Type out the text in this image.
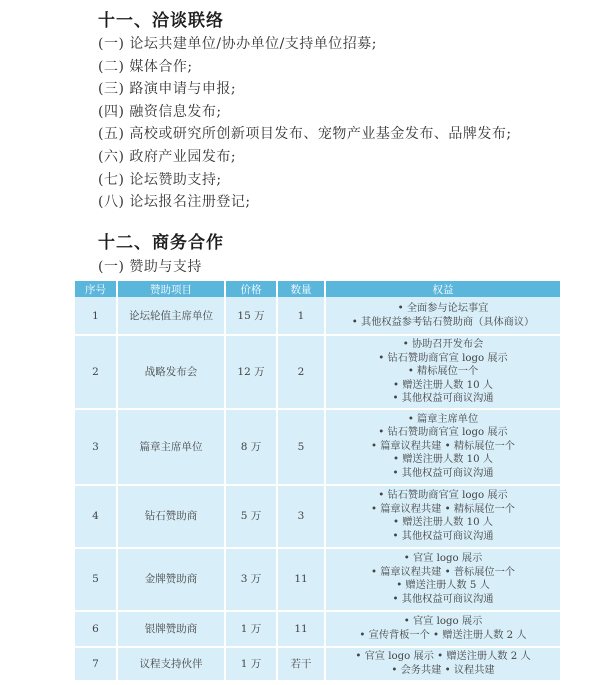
十一、洽谈联络
(一) 论坛共建单位/协办单位/支持单位招募;
(二) 媒体合作;
(三) 路演申请与申报;
(四) 融资信息发布;
(五) 高校或研究所创新项目发布、宠物产业基金发布、品牌发布;
(六) 政府产业园发布;
(七) 论坛赞助支持;
(八) 论坛报名注册登记;
十二、商务合作
(一) 赞助与支持
序号	赞助项目	价格	数量	权益
1	论坛轮值主席单位	15 万	1	• 全面参与论坛事宜
• 其他权益参考钻石赞助商（具体商议）

2	战略发布会	12 万	2	• 协助召开发布会
• 钻石赞助商官宣 logo 展示
• 精标展位一个
• 赠送注册人数 10 人
• 其他权益可商议沟通

3	篇章主席单位	8 万	5	• 篇章主席单位
• 钻石赞助商官宣 logo 展示
• 篇章议程共建 • 精标展位一个
• 赠送注册人数 10 人
• 其他权益可商议沟通

4	钻石赞助商	5 万	3	• 钻石赞助商官宣 logo 展示
• 篇章议程共建 • 精标展位一个
• 赠送注册人数 10 人
• 其他权益可商议沟通

5	金牌赞助商	3 万	11	• 官宣 logo 展示
• 篇章议程共建 • 普标展位一个
• 赠送注册人数 5 人
• 其他权益可商议沟通

6	银牌赞助商	1 万	11	• 官宣 logo 展示
• 宣传背板一个 • 赠送注册人数 2 人

7	议程支持伙伴	1 万	若干	• 官宣 logo 展示 • 赠送注册人数 2 人
• 会务共建 • 议程共建
